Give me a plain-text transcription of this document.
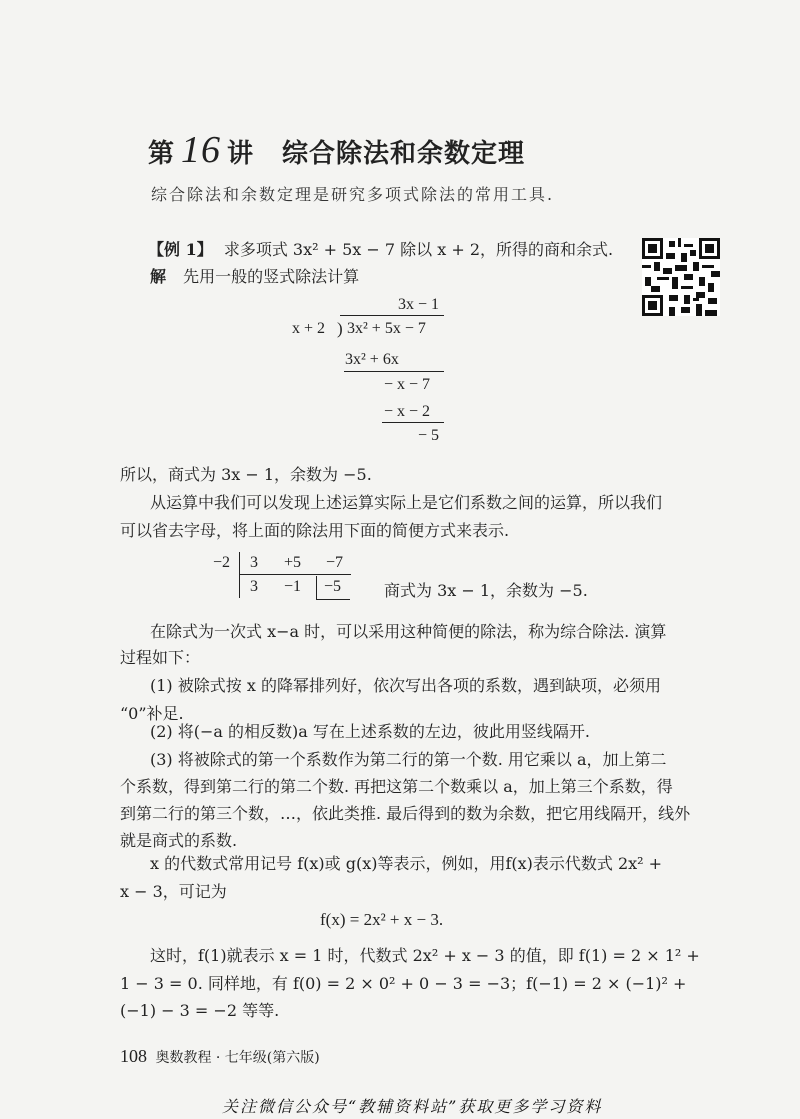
第 16 讲 综合除法和余数定理
综合除法和余数定理是研究多项式除法的常用工具.
【例 1】 求多项式 3x² + 5x − 7 除以 x + 2，所得的商和余式.
解 先用一般的竖式除法计算
3x − 1
x + 2 ) 3x² + 5x − 7
3x² + 6x
− x − 7
− x − 2
− 5
所以，商式为 3x − 1，余数为 −5.
从运算中我们可以发现上述运算实际上是它们系数之间的运算，所以我们
可以省去字母，将上面的除法用下面的简便方式来表示.
−2 3 +5 −7
3 −1 −5	商式为 3x − 1，余数为 −5.
在除式为一次式 x−a 时，可以采用这种简便的除法，称为综合除法. 演算
过程如下：
(1) 被除式按 x 的降幂排列好，依次写出各项的系数，遇到缺项，必须用
“0”补足.
(2) 将(−a 的相反数)a 写在上述系数的左边，彼此用竖线隔开.
(3) 将被除式的第一个系数作为第二行的第一个数. 用它乘以 a，加上第二
个系数，得到第二行的第二个数. 再把这第二个数乘以 a，加上第三个系数，得
到第二行的第三个数，…，依此类推. 最后得到的数为余数，把它用线隔开，线外
就是商式的系数.
x 的代数式常用记号 f(x)或 g(x)等表示，例如，用f(x)表示代数式 2x² +
x − 3，可记为
f(x) = 2x² + x − 3.
这时，f(1)就表示 x = 1 时，代数式 2x² + x − 3 的值，即 f(1) = 2 × 1² +
1 − 3 = 0. 同样地，有 f(0) = 2 × 0² + 0 − 3 = −3；f(−1) = 2 × (−1)² +
(−1) − 3 = −2 等等.
108 奥数教程 · 七年级(第六版)
关注微信公众号“教辅资料站”获取更多学习资料
